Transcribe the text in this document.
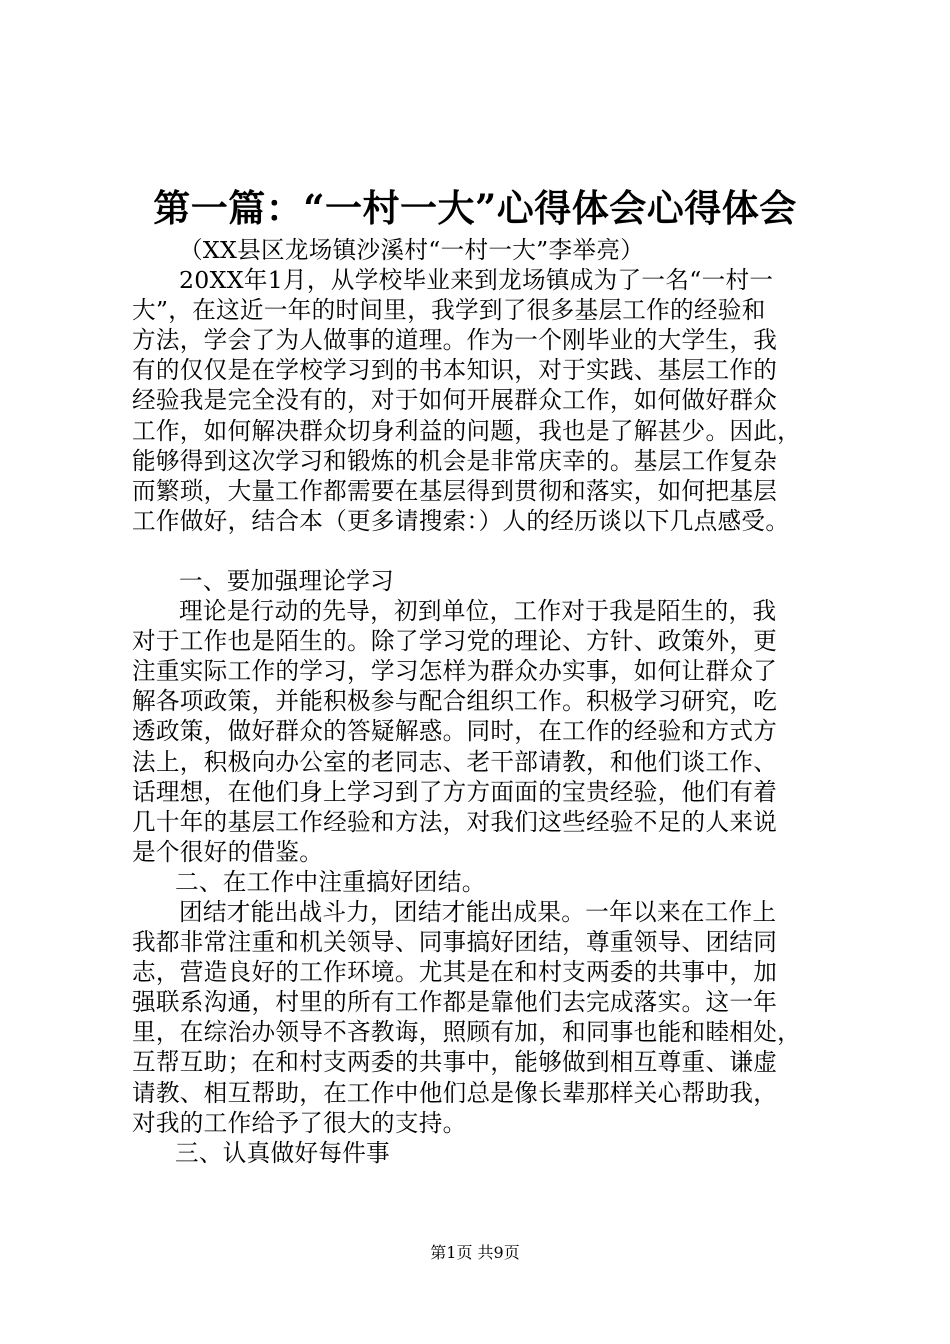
第一篇：“一村一大”心得体会心得体会

（XX县区龙场镇沙溪村“一村一大”李举亮）

20XX年1月，从学校毕业来到龙场镇成为了一名“一村一

大”，在这近一年的时间里，我学到了很多基层工作的经验和

方法，学会了为人做事的道理。作为一个刚毕业的大学生，我

有的仅仅是在学校学习到的书本知识，对于实践、基层工作的

经验我是完全没有的，对于如何开展群众工作，如何做好群众

工作，如何解决群众切身利益的问题，我也是了解甚少。因此，

能够得到这次学习和锻炼的机会是非常庆幸的。基层工作复杂

而繁琐，大量工作都需要在基层得到贯彻和落实，如何把基层

工作做好，结合本（更多请搜索：）人的经历谈以下几点感受。

一、要加强理论学习

理论是行动的先导，初到单位，工作对于我是陌生的，我

对于工作也是陌生的。除了学习党的理论、方针、政策外，更

注重实际工作的学习，学习怎样为群众办实事，如何让群众了

解各项政策，并能积极参与配合组织工作。积极学习研究，吃

透政策，做好群众的答疑解惑。同时，在工作的经验和方式方

法上，积极向办公室的老同志、老干部请教，和他们谈工作、

话理想，在他们身上学习到了方方面面的宝贵经验，他们有着

几十年的基层工作经验和方法，对我们这些经验不足的人来说

是个很好的借鉴。

二、在工作中注重搞好团结。

团结才能出战斗力，团结才能出成果。一年以来在工作上

我都非常注重和机关领导、同事搞好团结，尊重领导、团结同

志，营造良好的工作环境。尤其是在和村支两委的共事中，加

强联系沟通，村里的所有工作都是靠他们去完成落实。这一年

里，在综治办领导不吝教诲，照顾有加，和同事也能和睦相处，

互帮互助；在和村支两委的共事中，能够做到相互尊重、谦虚

请教、相互帮助，在工作中他们总是像长辈那样关心帮助我，

对我的工作给予了很大的支持。

三、认真做好每件事

第1页 共9页
